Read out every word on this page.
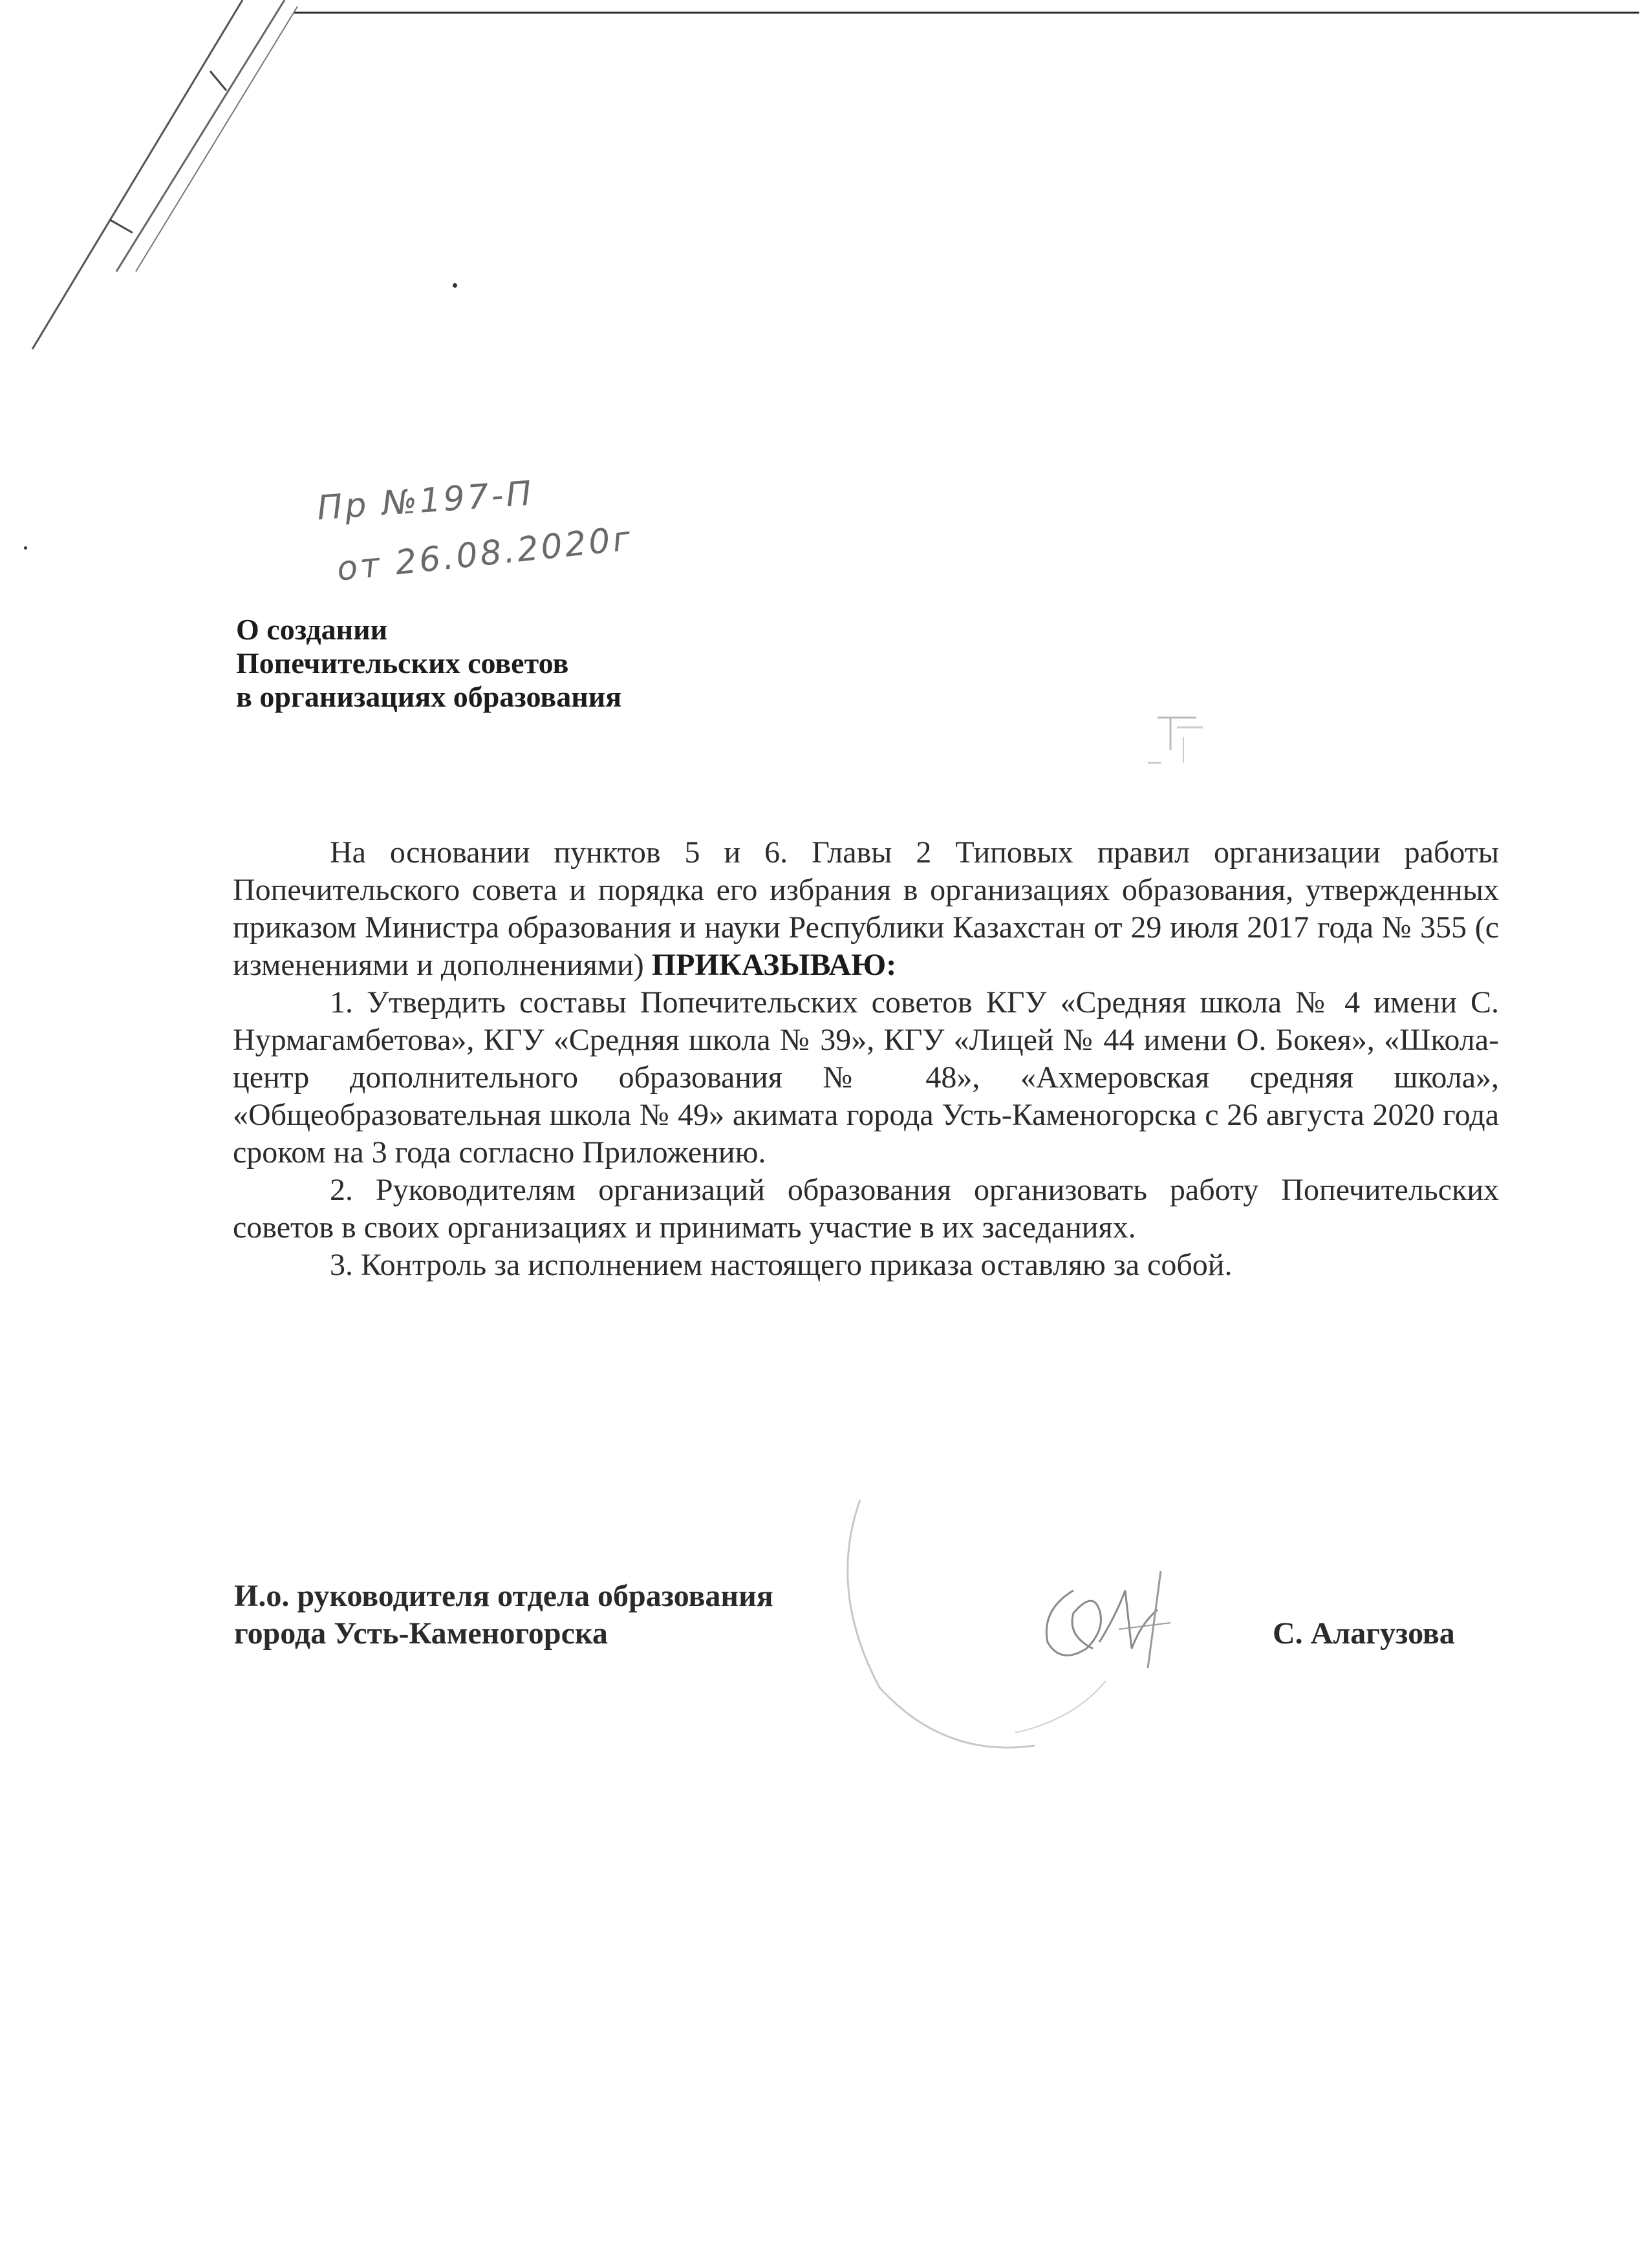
Пр №197-П
от 26.08.2020г
О создании
Попечительских советов
в организациях образования

На основании пунктов 5 и 6. Главы 2 Типовых правил организации работы Попечительского совета и порядка его избрания в организациях образования, утвержденных приказом Министра образования и науки Республики Казахстан от 29 июля 2017 года № 355 (с изменениями и дополнениями) ПРИКАЗЫВАЮ:

1. Утвердить составы Попечительских советов КГУ «Средняя школа № 4 имени С. Нурмагамбетова», КГУ «Средняя школа № 39», КГУ «Лицей № 44 имени О. Бокея», «Школа-центр дополнительного образования № 48», «Ахмеровская средняя школа», «Общеобразовательная школа № 49» акимата города Усть-Каменогорска с 26 августа 2020 года сроком на 3 года согласно Приложению.

2. Руководителям организаций образования организовать работу Попечительских советов в своих организациях и принимать участие в их заседаниях.

3. Контроль за исполнением настоящего приказа оставляю за собой.

И.о. руководителя отдела образования
города Усть-Каменогорска	С. Алагузова
